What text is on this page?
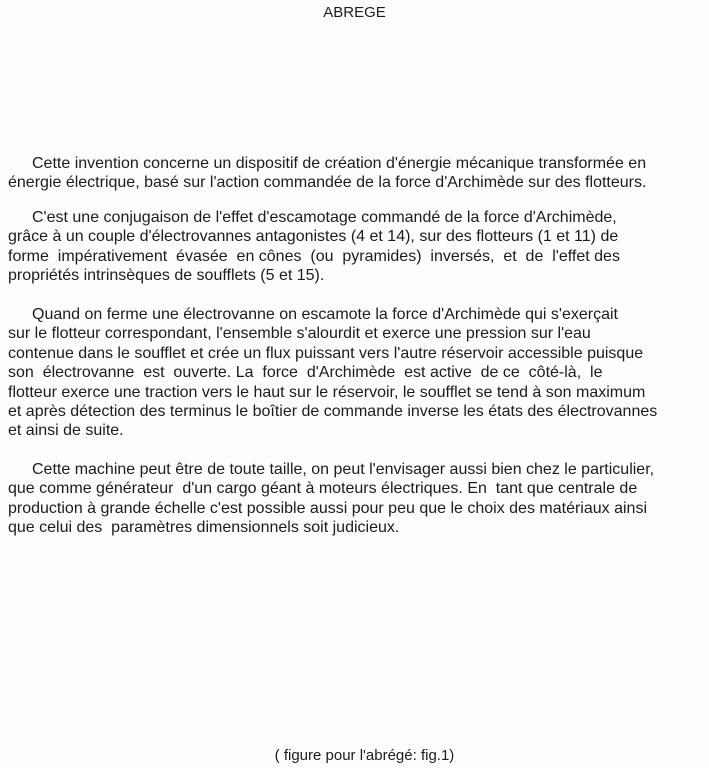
ABREGE
Cette invention concerne un dispositif de création d'énergie mécanique transformée en
énergie électrique, basé sur l'action commandée de la force d'Archimède sur des flotteurs.
C'est une conjugaison de l'effet d'escamotage commandé de la force d'Archimède,
grâce à un couple d'électrovannes antagonistes (4 et 14), sur des flotteurs (1 et 11) de
forme  impérativement  évasée  en cônes  (ou  pyramides)  inversés,  et  de  l'effet des
propriétés intrinsèques de soufflets (5 et 15).
Quand on ferme une électrovanne on escamote la force d'Archimède qui s'exerçait
sur le flotteur correspondant, l'ensemble s'alourdit et exerce une pression sur l'eau
contenue dans le soufflet et crée un flux puissant vers l'autre réservoir accessible puisque
son  électrovanne  est  ouverte. La  force  d'Archimède  est active  de ce  côté-là,  le
flotteur exerce une traction vers le haut sur le réservoir, le soufflet se tend à son maximum
et après détection des terminus le boîtier de commande inverse les états des électrovannes
et ainsi de suite.
Cette machine peut être de toute taille, on peut l'envisager aussi bien chez le particulier,
que comme générateur  d'un cargo géant à moteurs électriques. En  tant que centrale de
production à grande échelle c'est possible aussi pour peu que le choix des matériaux ainsi
que celui des  paramètres dimensionnels soit judicieux.
( figure pour l'abrégé: fig.1)
